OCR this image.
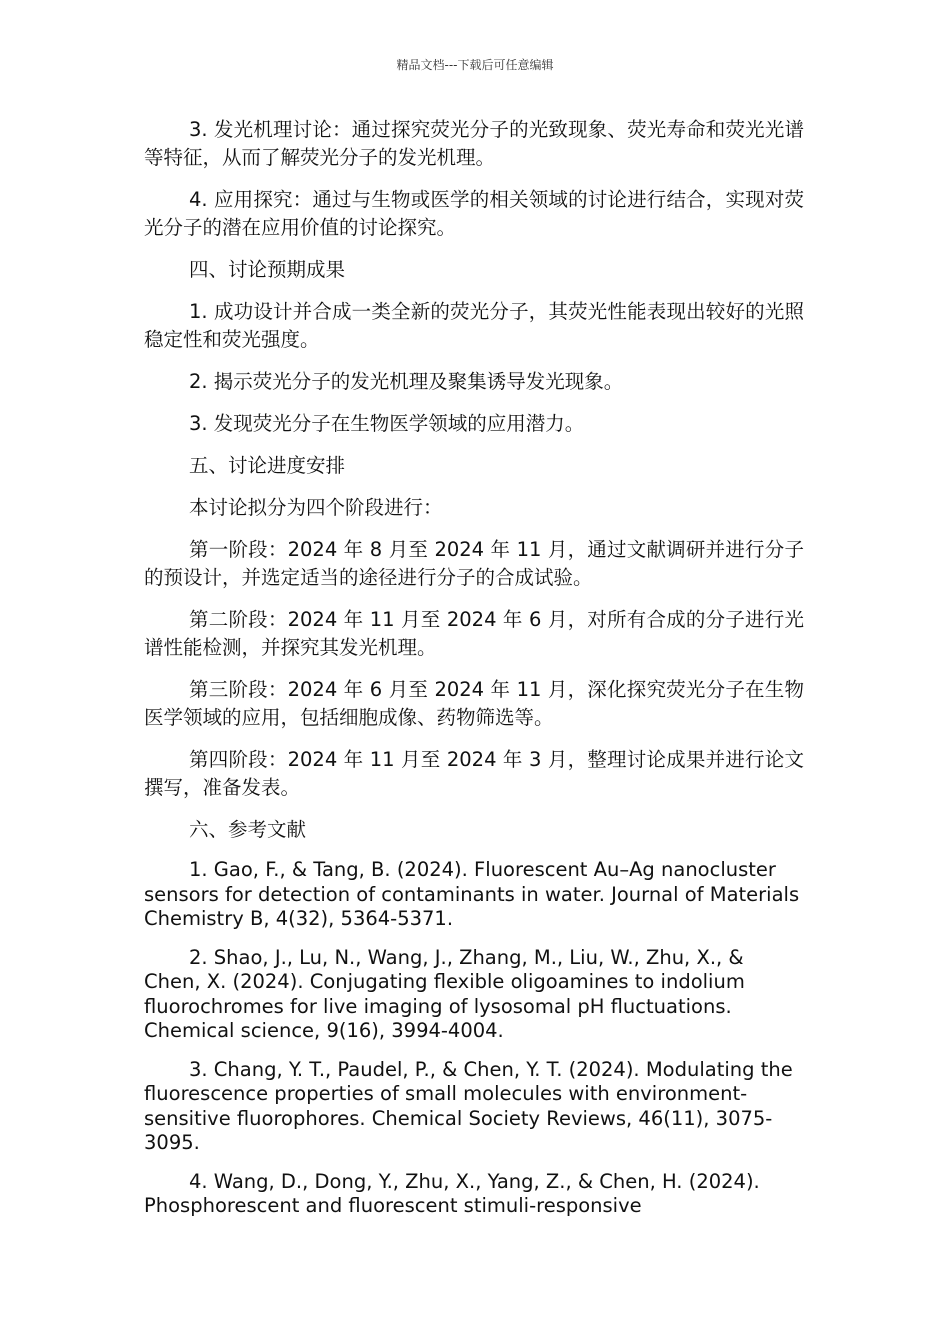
精品文档---下载后可任意编辑

3. 发光机理讨论：通过探究荧光分子的光致现象、荧光寿命和荧光光谱等特征，从而了解荧光分子的发光机理。

4. 应用探究：通过与生物或医学的相关领域的讨论进行结合，实现对荧光分子的潜在应用价值的讨论探究。

四、讨论预期成果

1. 成功设计并合成一类全新的荧光分子，其荧光性能表现出较好的光照稳定性和荧光强度。

2. 揭示荧光分子的发光机理及聚集诱导发光现象。

3. 发现荧光分子在生物医学领域的应用潜力。

五、讨论进度安排

本讨论拟分为四个阶段进行：

第一阶段：2024 年 8 月至 2024 年 11 月，通过文献调研并进行分子的预设计，并选定适当的途径进行分子的合成试验。

第二阶段：2024 年 11 月至 2024 年 6 月，对所有合成的分子进行光谱性能检测，并探究其发光机理。

第三阶段：2024 年 6 月至 2024 年 11 月，深化探究荧光分子在生物医学领域的应用，包括细胞成像、药物筛选等。

第四阶段：2024 年 11 月至 2024 年 3 月，整理讨论成果并进行论文撰写，准备发表。

六、参考文献

1. Gao, F., & Tang, B. (2024). Fluorescent Au–Ag nanocluster sensors for detection of contaminants in water. Journal of Materials Chemistry B, 4(32), 5364-5371.

2. Shao, J., Lu, N., Wang, J., Zhang, M., Liu, W., Zhu, X., & Chen, X. (2024). Conjugating flexible oligoamines to indolium fluorochromes for live imaging of lysosomal pH fluctuations. Chemical science, 9(16), 3994-4004.

3. Chang, Y. T., Paudel, P., & Chen, Y. T. (2024). Modulating the fluorescence properties of small molecules with environment-sensitive fluorophores. Chemical Society Reviews, 46(11), 3075-3095.

4. Wang, D., Dong, Y., Zhu, X., Yang, Z., & Chen, H. (2024). Phosphorescent and fluorescent stimuli-responsive
